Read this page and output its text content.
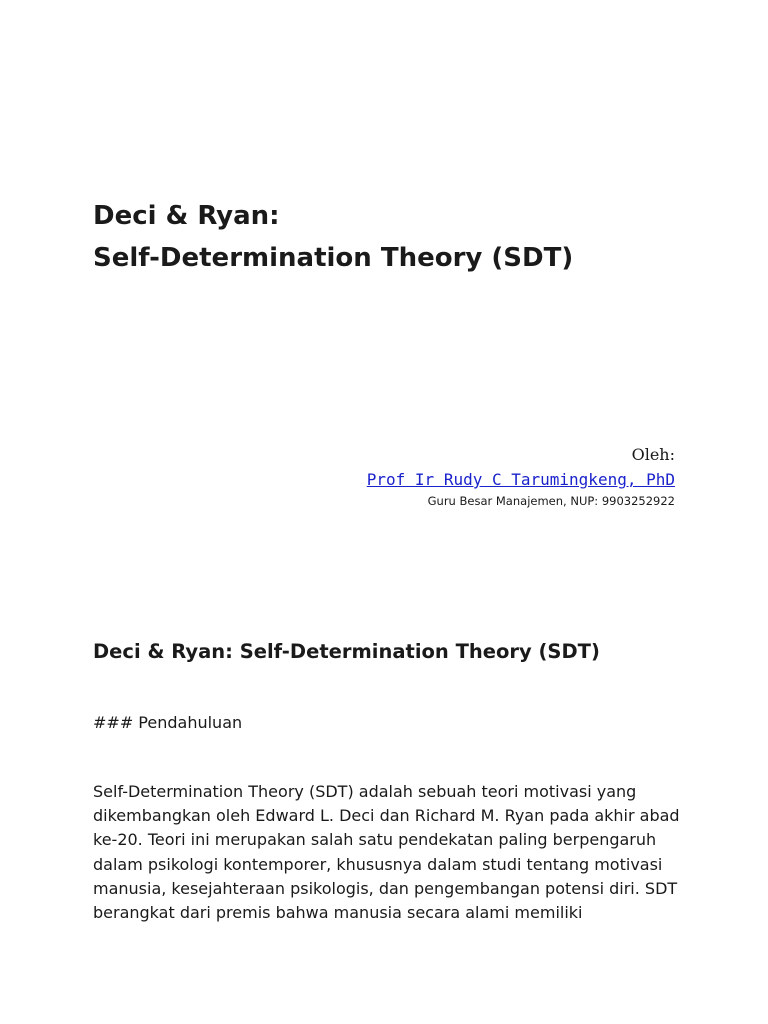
Deci & Ryan:
Self-Determination Theory (SDT)
Oleh:
Prof Ir Rudy C Tarumingkeng, PhD
Guru Besar Manajemen, NUP: 9903252922
Deci & Ryan: Self-Determination Theory (SDT)

### Pendahuluan

Self-Determination Theory (SDT) adalah sebuah teori motivasi yang
dikembangkan oleh Edward L. Deci dan Richard M. Ryan pada akhir abad
ke-20. Teori ini merupakan salah satu pendekatan paling berpengaruh
dalam psikologi kontemporer, khususnya dalam studi tentang motivasi
manusia, kesejahteraan psikologis, dan pengembangan potensi diri. SDT
berangkat dari premis bahwa manusia secara alami memiliki
